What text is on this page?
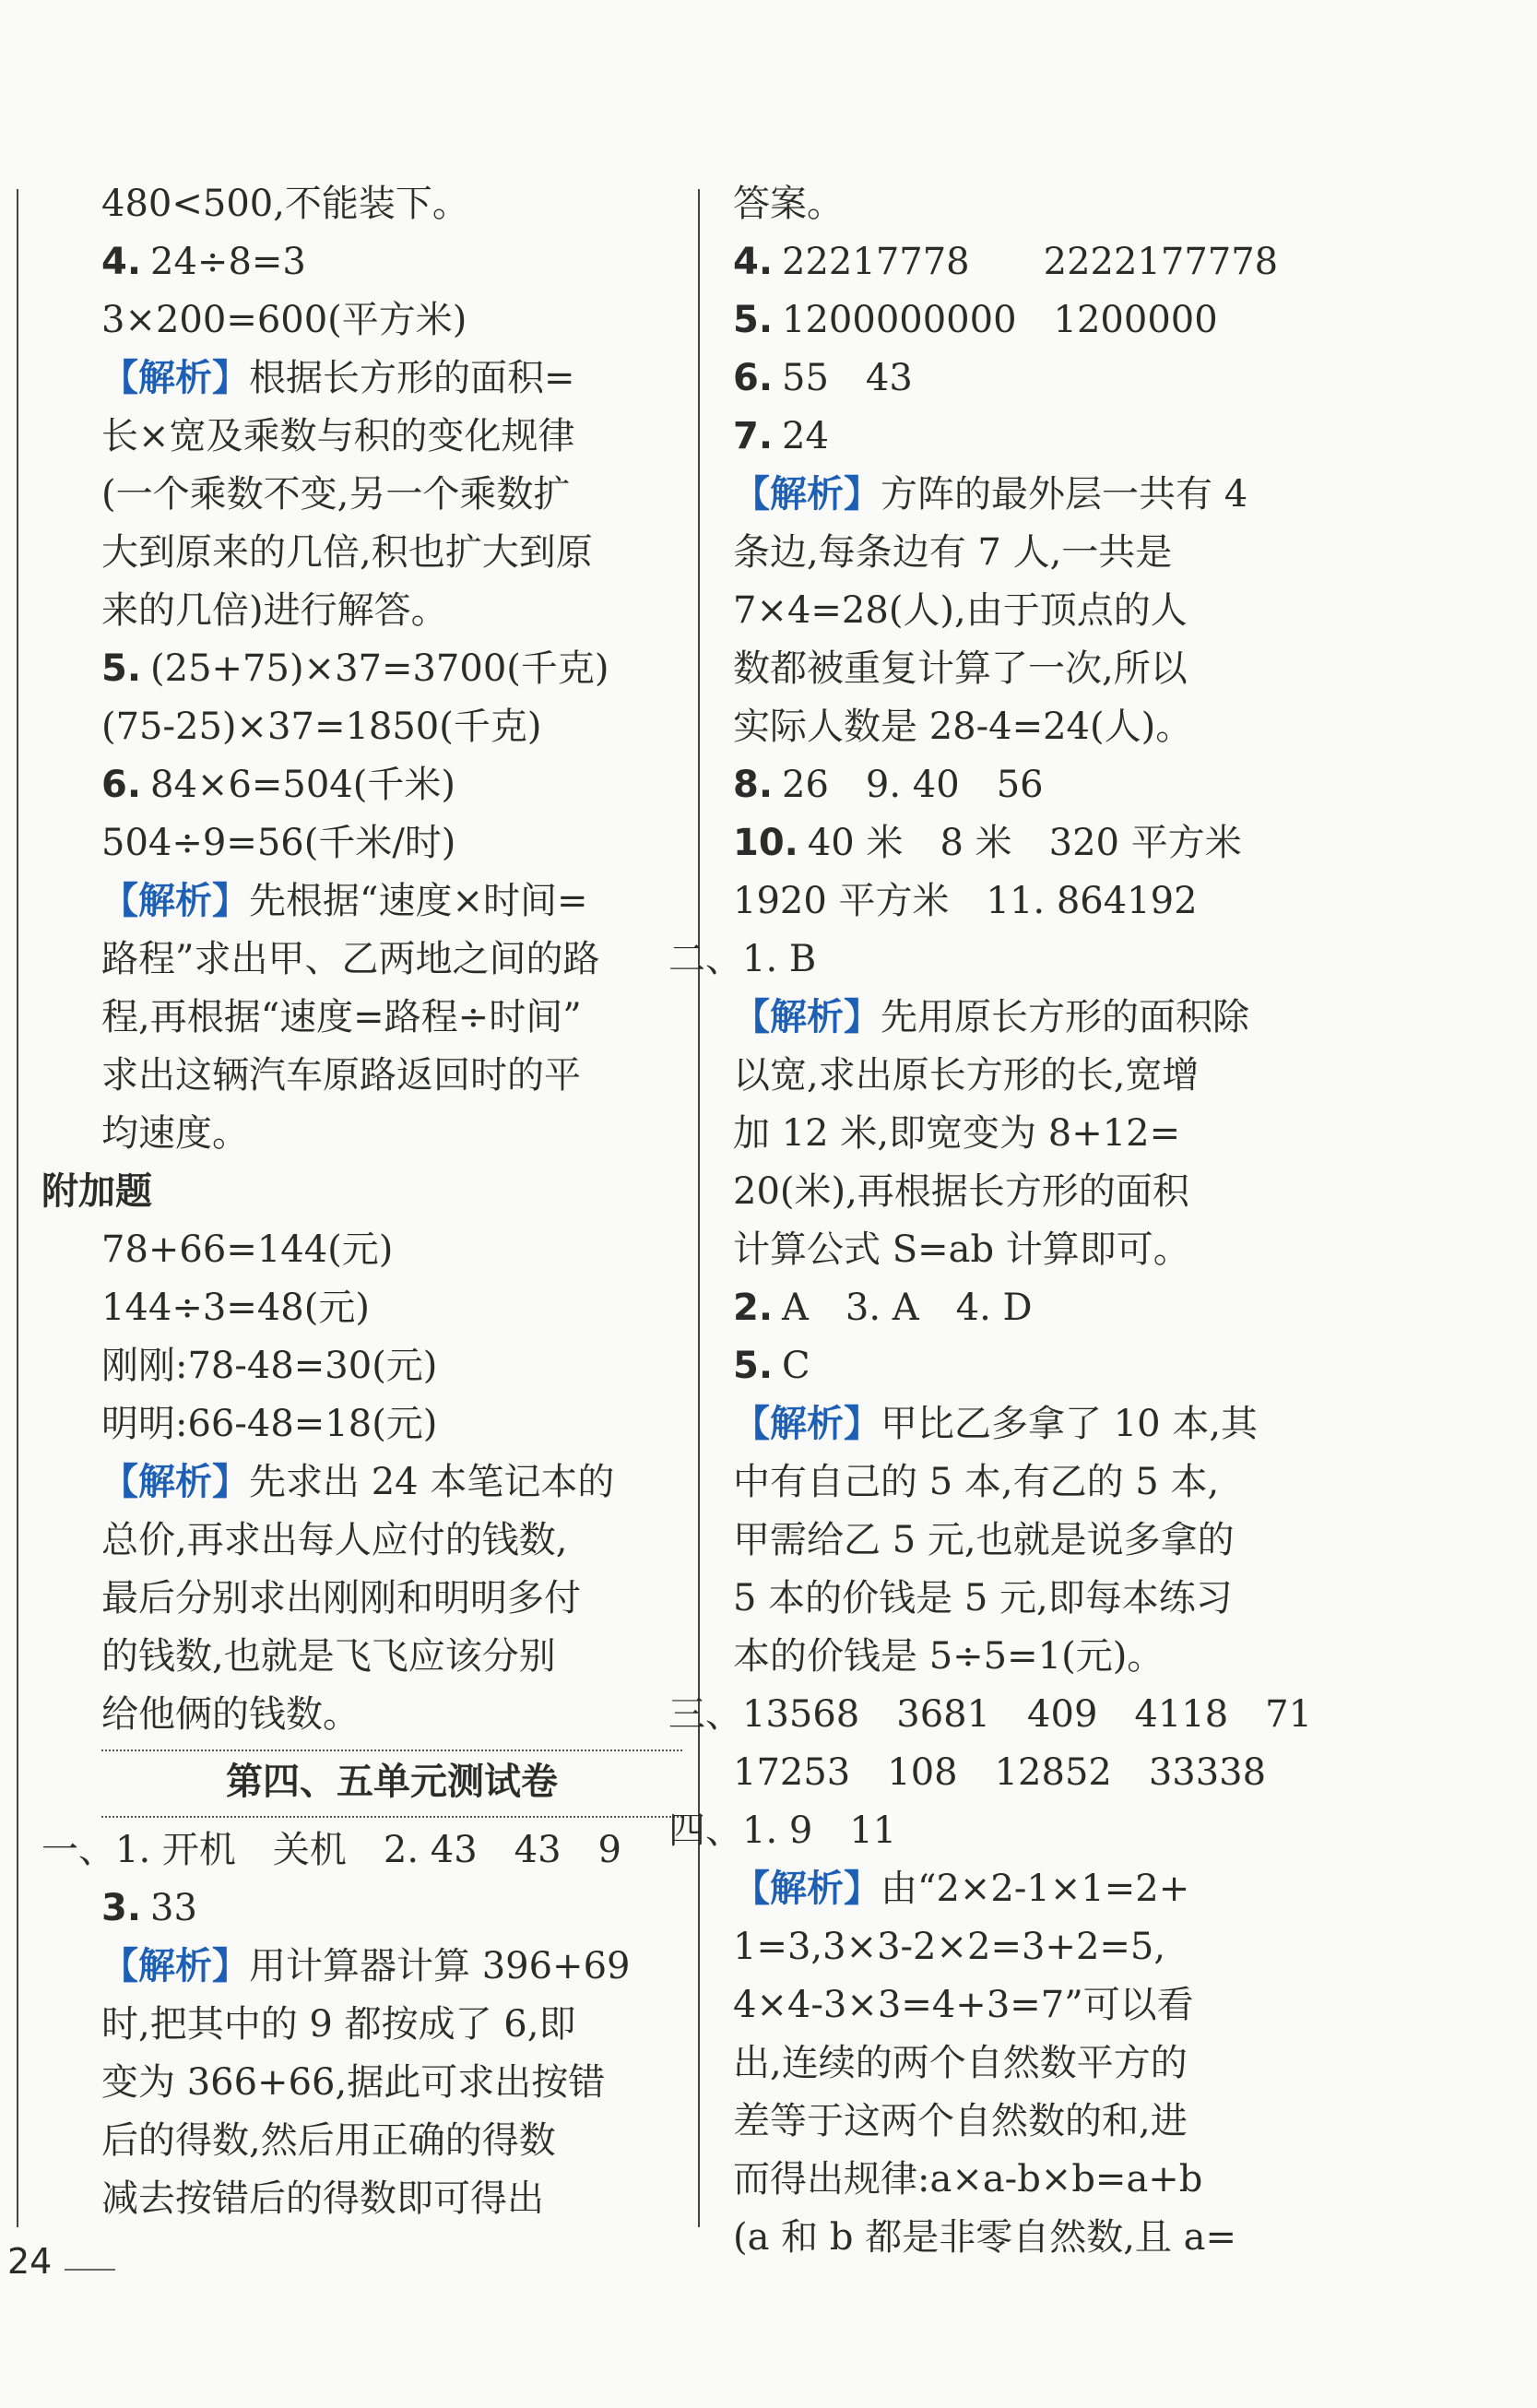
480<500,不能装下。
4. 24÷8=3
3×200=600(平方米)
【解析】根据长方形的面积=
长×宽及乘数与积的变化规律
(一个乘数不变,另一个乘数扩
大到原来的几倍,积也扩大到原
来的几倍)进行解答。
5. (25+75)×37=3700(千克)
(75-25)×37=1850(千克)
6. 84×6=504(千米)
504÷9=56(千米/时)
【解析】先根据“速度×时间=
路程”求出甲、乙两地之间的路
程,再根据“速度=路程÷时间”
求出这辆汽车原路返回时的平
均速度。
附加题
78+66=144(元)
144÷3=48(元)
刚刚:78-48=30(元)
明明:66-48=18(元)
【解析】先求出 24 本笔记本的
总价,再求出每人应付的钱数,
最后分别求出刚刚和明明多付
的钱数,也就是飞飞应该分别
给他俩的钱数。
第四、五单元测试卷
一、1. 开机　关机　2. 43　43　9
3. 33
【解析】用计算器计算 396+69
时,把其中的 9 都按成了 6,即
变为 366+66,据此可求出按错
后的得数,然后用正确的得数
减去按错后的得数即可得出
答案。
4. 22217778　　2222177778
5. 1200000000　1200000
6. 55　43
7. 24
【解析】方阵的最外层一共有 4
条边,每条边有 7 人,一共是
7×4=28(人),由于顶点的人
数都被重复计算了一次,所以
实际人数是 28-4=24(人)。
8. 26　9. 40　56
10. 40 米　8 米　320 平方米
1920 平方米　11. 864192
二、1. B
【解析】先用原长方形的面积除
以宽,求出原长方形的长,宽增
加 12 米,即宽变为 8+12=
20(米),再根据长方形的面积
计算公式 S=ab 计算即可。
2. A　3. A　4. D
5. C
【解析】甲比乙多拿了 10 本,其
中有自己的 5 本,有乙的 5 本,
甲需给乙 5 元,也就是说多拿的
5 本的价钱是 5 元,即每本练习
本的价钱是 5÷5=1(元)。
三、13568　3681　409　4118　71
17253　108　12852　33338
四、1. 9　11
【解析】由“2×2-1×1=2+
1=3,3×3-2×2=3+2=5,
4×4-3×3=4+3=7”可以看
出,连续的两个自然数平方的
差等于这两个自然数的和,进
而得出规律:a×a-b×b=a+b
(a 和 b 都是非零自然数,且 a=
24
